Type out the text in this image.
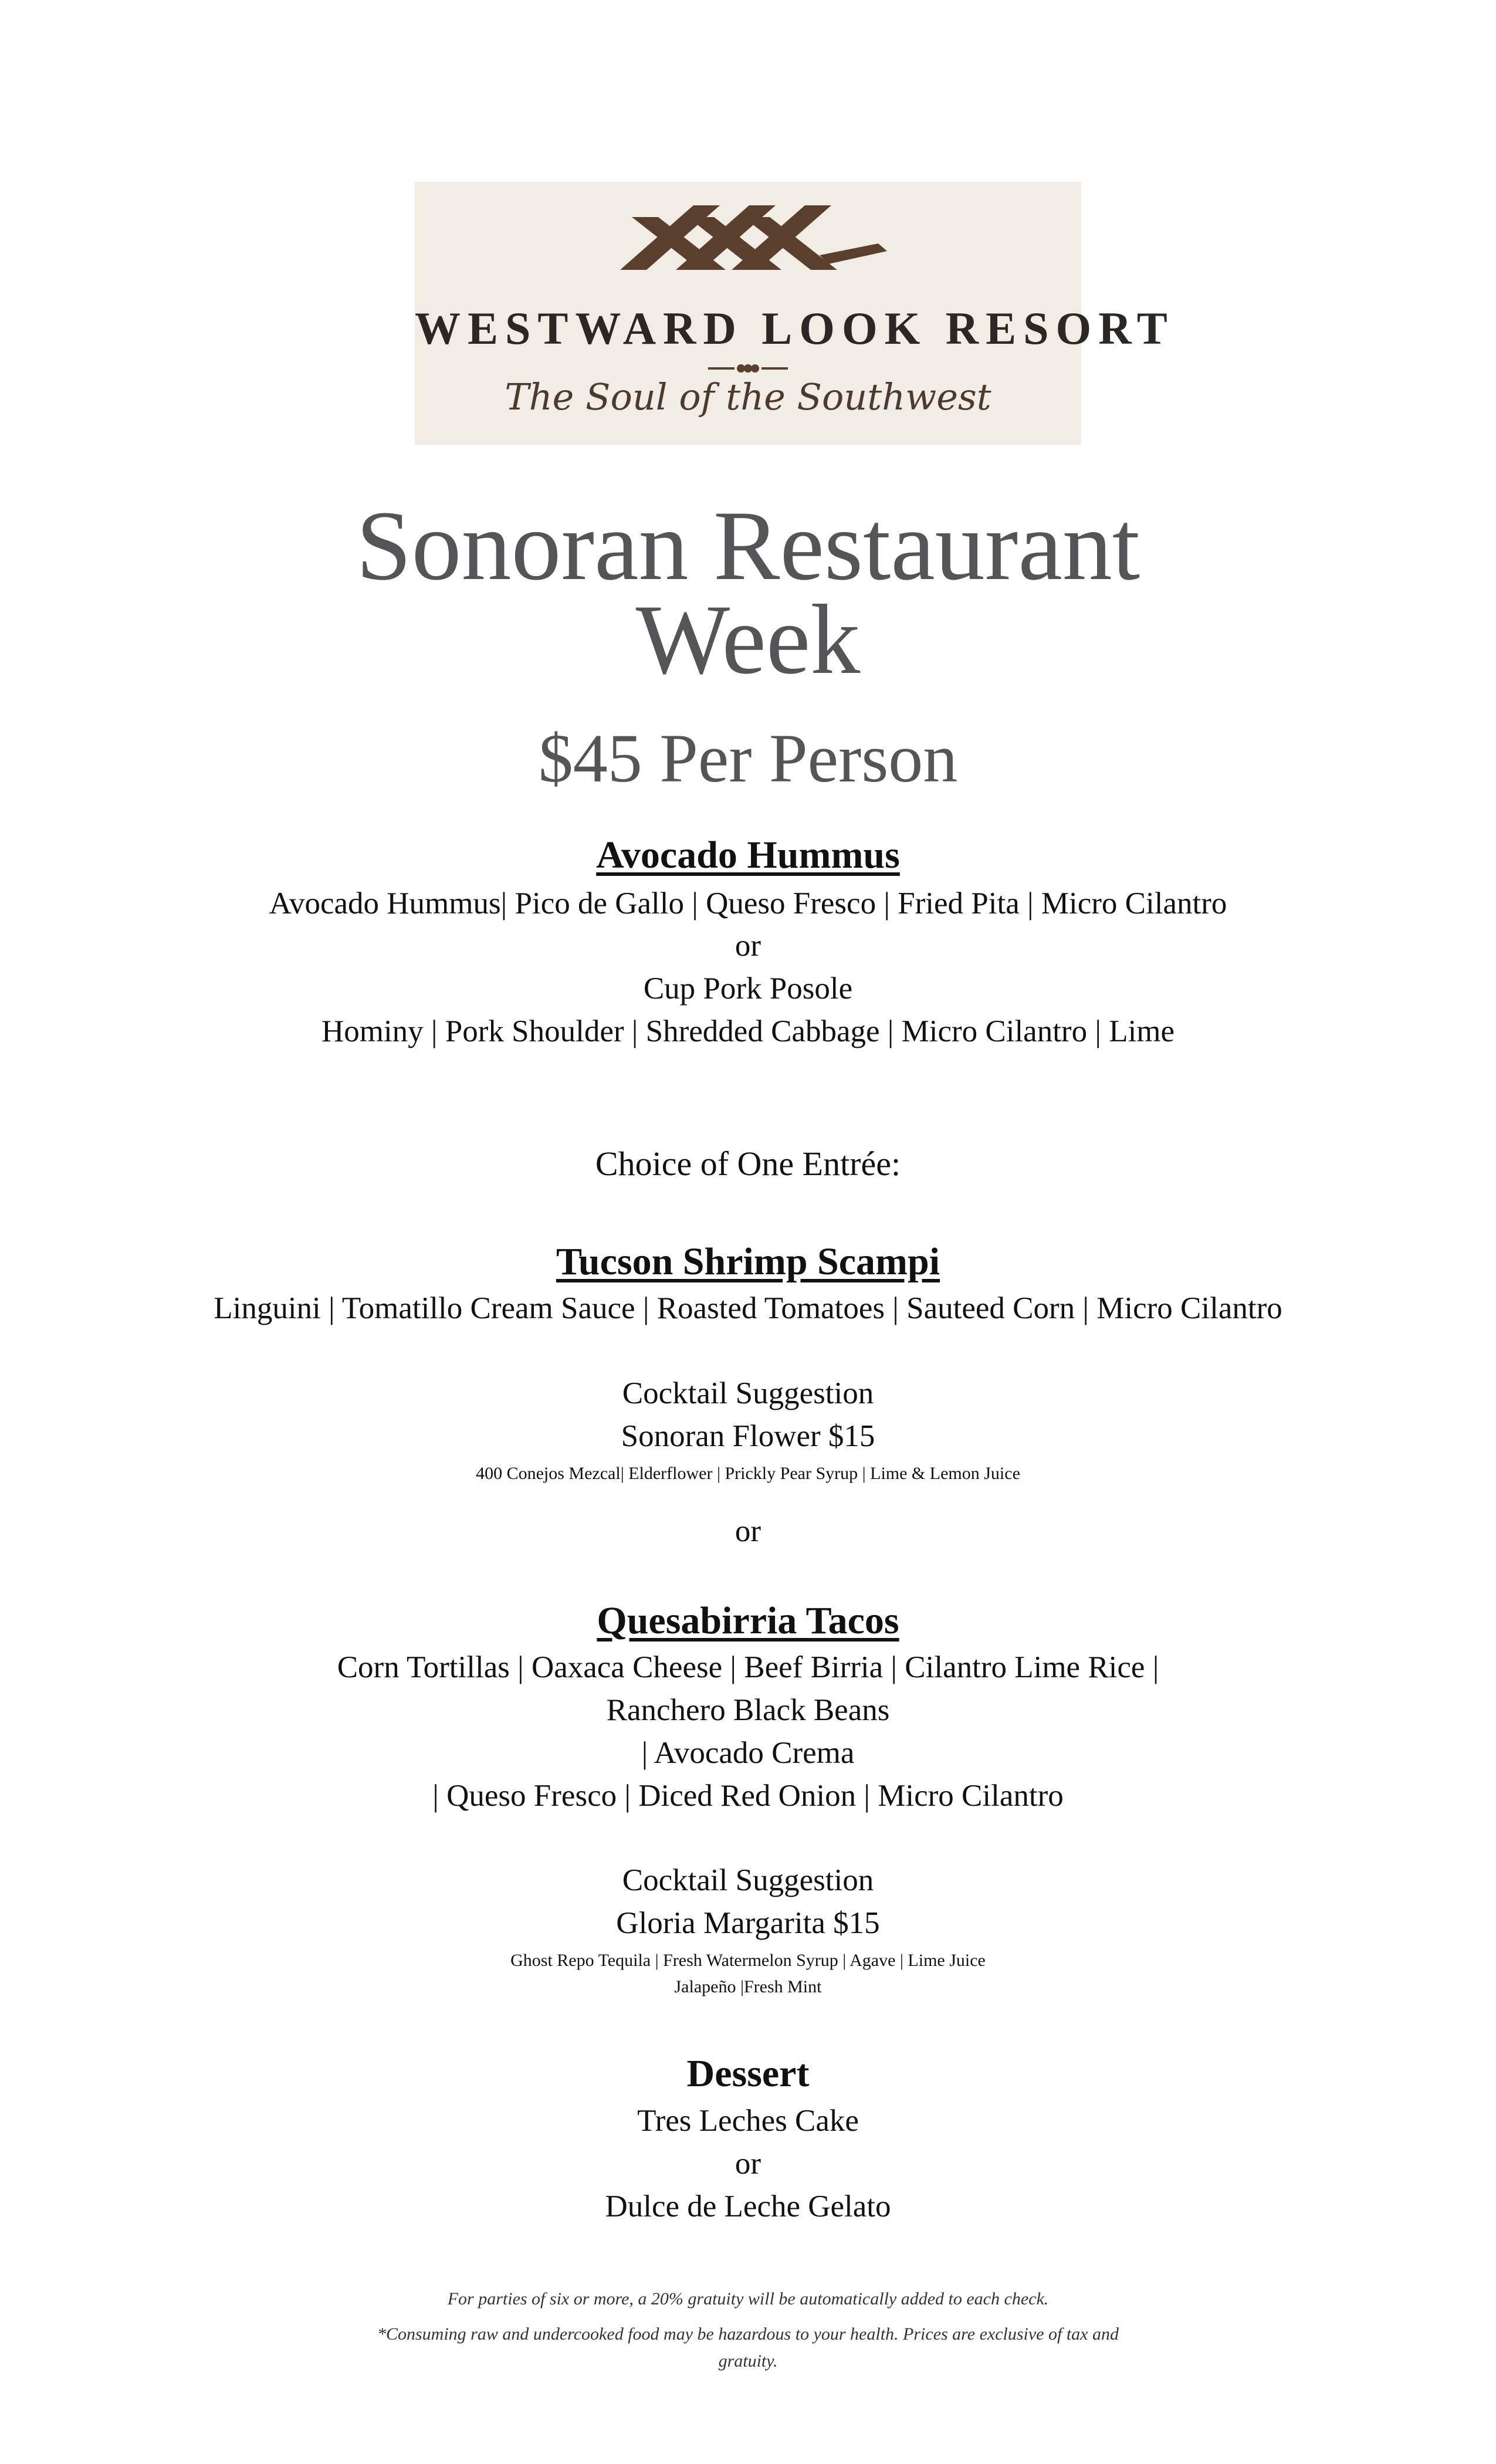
WESTWARD LOOK RESORT
The Soul of the Southwest
Sonoran Restaurant
Week
$45 Per Person
Avocado Hummus
Avocado Hummus| Pico de Gallo | Queso Fresco | Fried Pita | Micro Cilantro
or
Cup Pork Posole
Hominy | Pork Shoulder | Shredded Cabbage | Micro Cilantro | Lime
Choice of One Entrée:
Tucson Shrimp Scampi
Linguini | Tomatillo Cream Sauce | Roasted Tomatoes | Sauteed Corn | Micro Cilantro
Cocktail Suggestion
Sonoran Flower $15
400 Conejos Mezcal| Elderflower | Prickly Pear Syrup | Lime & Lemon Juice
or
Quesabirria Tacos
Corn Tortillas | Oaxaca Cheese | Beef Birria | Cilantro Lime Rice |
Ranchero Black Beans
| Avocado Crema
| Queso Fresco | Diced Red Onion | Micro Cilantro
Cocktail Suggestion
Gloria Margarita $15
Ghost Repo Tequila | Fresh Watermelon Syrup | Agave | Lime Juice
Jalapeño |Fresh Mint
Dessert
Tres Leches Cake
or
Dulce de Leche Gelato
For parties of six or more, a 20% gratuity will be automatically added to each check.
*Consuming raw and undercooked food may be hazardous to your health. Prices are exclusive of tax and
gratuity.
